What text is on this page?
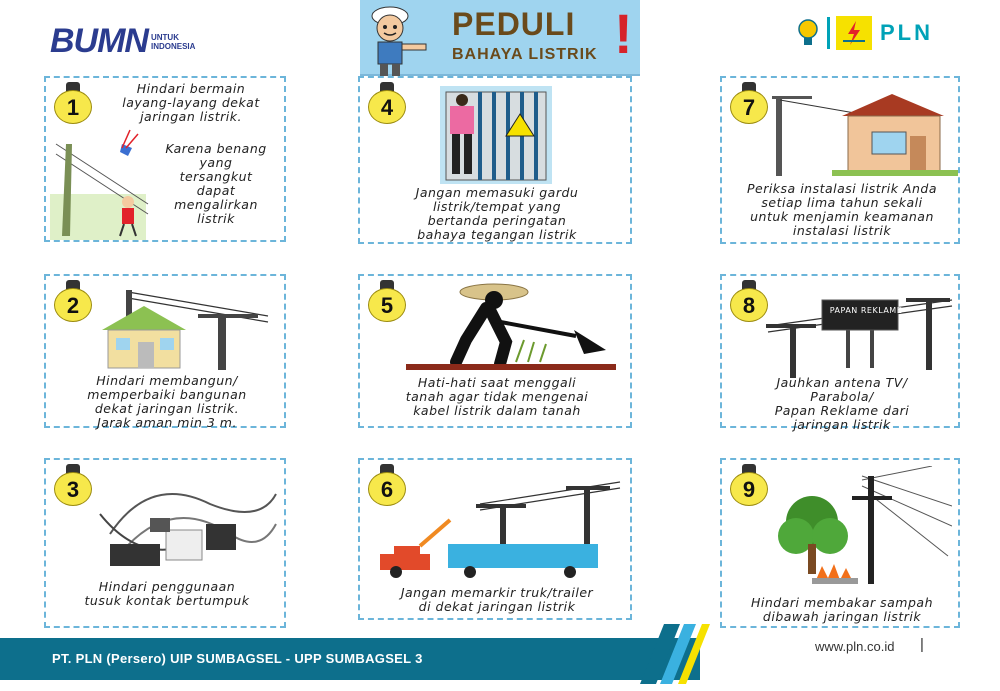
BUMN UNTUK INDONESIA
PEDULI
BAHAYA LISTRIK !	PLN
1
Hindari bermain
layang-layang dekat
jaringan listrik.
Karena benang
yang
tersangkut
dapat
mengalirkan
listrik
2
Hindari membangun/
memperbaiki bangunan
dekat jaringan listrik.
Jarak aman min 3 m.
3
Hindari penggunaan
tusuk kontak bertumpuk
4
Jangan memasuki gardu
listrik/tempat yang
bertanda peringatan
bahaya tegangan listrik
5
Hati-hati saat menggali
tanah agar tidak mengenai
kabel listrik dalam tanah
6
Jangan memarkir truk/trailer
di dekat jaringan listrik
7
Periksa instalasi listrik Anda
setiap lima tahun sekali
untuk menjamin keamanan
instalasi listrik
8	PAPAN REKLAME
Jauhkan antena TV/
Parabola/
Papan Reklame dari
jaringan listrik
9
Hindari membakar sampah
dibawah jaringan listrik
PT. PLN (Persero) UIP SUMBAGSEL - UPP SUMBAGSEL 3
www.pln.co.id |
